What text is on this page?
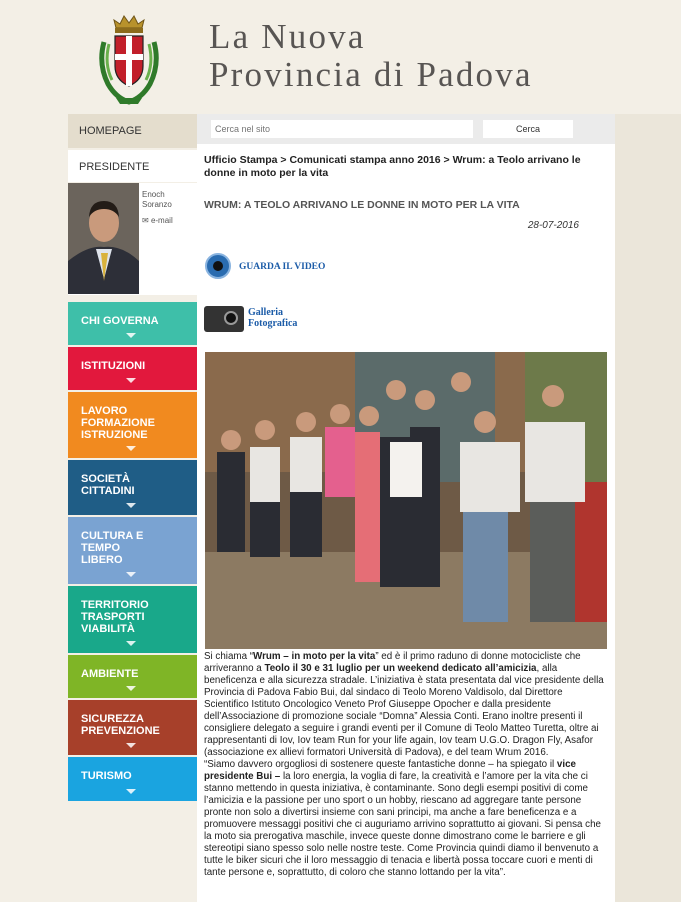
La Nuova
Provincia di Padova
HOMEPAGE
PRESIDENTE
Enoch
Soranzo
✉ e-mail
CHI GOVERNA
ISTITUZIONI
LAVORO
FORMAZIONE
ISTRUZIONE
SOCIETÀ
CITTADINI
CULTURA E
TEMPO
LIBERO
TERRITORIO
TRASPORTI
VIABILITÀ
AMBIENTE
SICUREZZA
PREVENZIONE
TURISMO
Cerca nel sito
Cerca
Ufficio Stampa > Comunicati stampa anno 2016 > Wrum: a Teolo arrivano le donne in moto per la vita
WRUM: A TEOLO ARRIVANO LE DONNE IN MOTO PER LA VITA
28-07-2016
GUARDA IL VIDEO
Galleria
Fotografica

Si chiama “Wrum – in moto per la vita” ed è il primo raduno di donne motocicliste che arriveranno a Teolo il 30 e 31 luglio per un weekend dedicato all’amicizia, alla beneficenza e alla sicurezza stradale. L’iniziativa è stata presentata dal vice presidente della Provincia di Padova Fabio Bui, dal sindaco di Teolo Moreno Valdisolo, dal Direttore Scientifico Istituto Oncologico Veneto Prof Giuseppe Opocher e dalla presidente dell’Associazione di promozione sociale “Domna” Alessia Conti. Erano inoltre presenti il consigliere delegato a seguire i grandi eventi per il Comune di Teolo Matteo Turetta, oltre ai rappresentanti di Iov, Iov team Run for your life again, Iov team U.G.O. Dragon Fly, Asafor (associazione ex allievi formatori Università di Padova), e del team Wrum 2016.

“Siamo davvero orgogliosi di sostenere queste fantastiche donne – ha spiegato il vice presidente Bui – la loro energia, la voglia di fare, la creatività e l’amore per la vita che ci stanno mettendo in questa iniziativa, è contaminante. Sono degli esempi positivi di come l’amicizia e la passione per uno sport o un hobby, riescano ad aggregare tante persone pronte non solo a divertirsi insieme con sani principi, ma anche a fare beneficenza e a promuovere messaggi positivi che ci auguriamo arrivino soprattutto ai giovani. Si pensa che la moto sia prerogativa maschile, invece queste donne dimostrano come le barriere e gli stereotipi siano spesso solo nelle nostre teste. Come Provincia quindi diamo il benvenuto a tutte le biker sicuri che il loro messaggio di tenacia e libertà possa toccare cuori e menti di tante persone e, soprattutto, di coloro che stanno lottando per la vita”.
